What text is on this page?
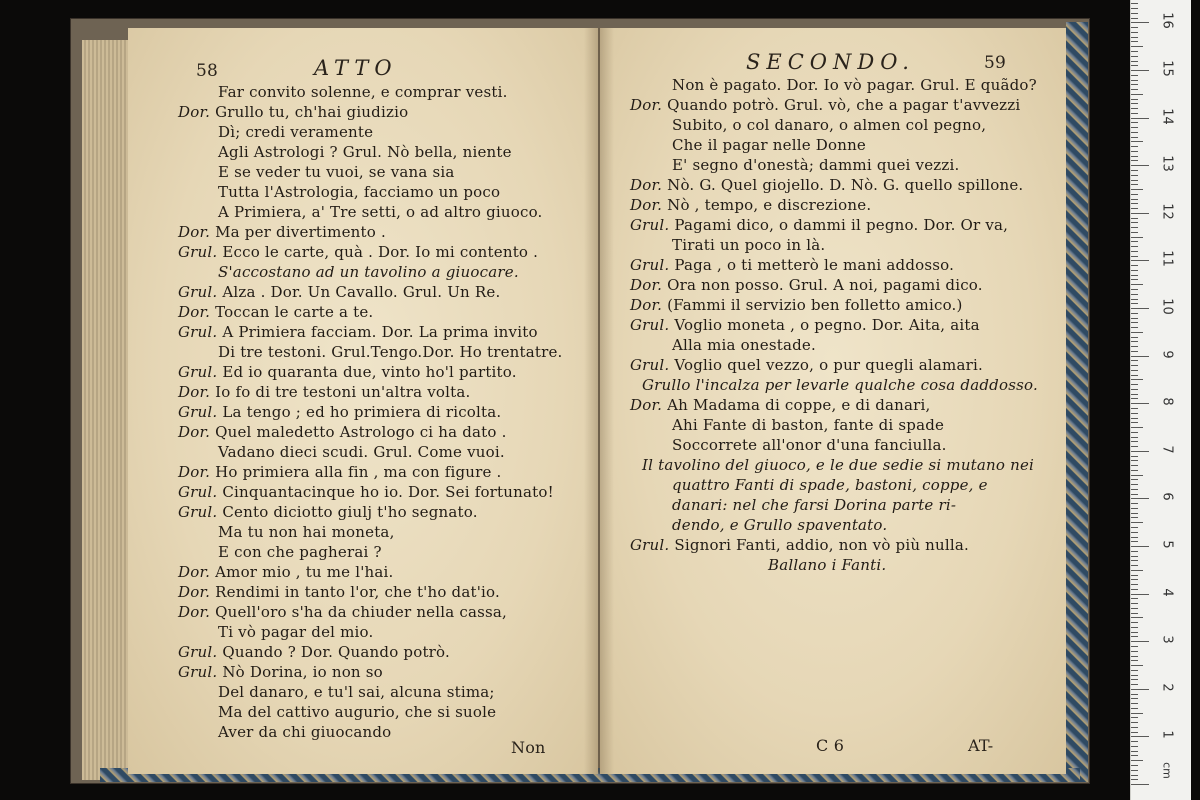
58	ATTO
Far convito solenne, e comprar vesti.
Dor. Grullo tu, ch'hai giudizio
Dì; credi veramente
Agli Astrologi ? Grul. Nò bella, niente
E se veder tu vuoi, se vana sia
Tutta l'Astrologia, facciamo un poco
A Primiera, a' Tre setti, o ad altro giuoco.
Dor. Ma per divertimento .
Grul. Ecco le carte, quà . Dor. Io mi contento .
S'accostano ad un tavolino a giuocare.
Grul. Alza . Dor. Un Cavallo. Grul. Un Re.
Dor. Toccan le carte a te.
Grul. A Primiera facciam. Dor. La prima invito
Di tre testoni. Grul.Tengo.Dor. Ho trentatre.
Grul. Ed io quaranta due, vinto ho'l partito.
Dor. Io fo di tre testoni un'altra volta.
Grul. La tengo ; ed ho primiera di ricolta.
Dor. Quel maledetto Astrologo ci ha dato .
Vadano dieci scudi. Grul. Come vuoi.
Dor. Ho primiera alla fin , ma con figure .
Grul. Cinquantacinque ho io. Dor. Sei fortunato!
Grul. Cento diciotto giulj t'ho segnato.
Ma tu non hai moneta,
E con che pagherai ?
Dor. Amor mio , tu me l'hai.
Dor. Rendimi in tanto l'or, che t'ho dat'io.
Dor. Quell'oro s'ha da chiuder nella cassa,
Ti vò pagar del mio.
Grul. Quando ? Dor. Quando potrò.
Grul. Nò Dorina, io non so
Del danaro, e tu'l sai, alcuna stima;
Ma del cattivo augurio, che si suole
Aver da chi giuocando
Non
SECONDO.	59
Non è pagato. Dor. Io vò pagar. Grul. E quãdo?
Dor. Quando potrò. Grul. vò, che a pagar t'avvezzi
Subito, o col danaro, o almen col pegno,
Che il pagar nelle Donne
E' segno d'onestà; dammi quei vezzi.
Dor. Nò. G. Quel giojello. D. Nò. G. quello spillone.
Dor. Nò , tempo, e discrezione.
Grul. Pagami dico, o dammi il pegno. Dor. Or va,
Tirati un poco in là.
Grul. Paga , o ti metterò le mani addosso.
Dor. Ora non posso. Grul. A noi, pagami dico.
Dor. (Fammi il servizio ben folletto amico.)
Grul. Voglio moneta , o pegno. Dor. Aita, aita
Alla mia onestade.
Grul. Voglio quel vezzo, o pur quegli alamari.
Grullo l'incalza per levarle qualche cosa daddosso.
Dor. Ah Madama di coppe, e di danari,
Ahi Fante di baston, fante di spade
Soccorrete all'onor d'una fanciulla.
Il tavolino del giuoco, e le due sedie si mutano nei
quattro Fanti di spade, bastoni, coppe, e
danari: nel che farsi Dorina parte ri-
dendo, e Grullo spaventato.
Grul. Signori Fanti, addio, non vò più nulla.
Ballano i Fanti.
C 6	AT-
cm
1
2
3
4
5
6
7
8
9
10
11
12
13
14
15
16
